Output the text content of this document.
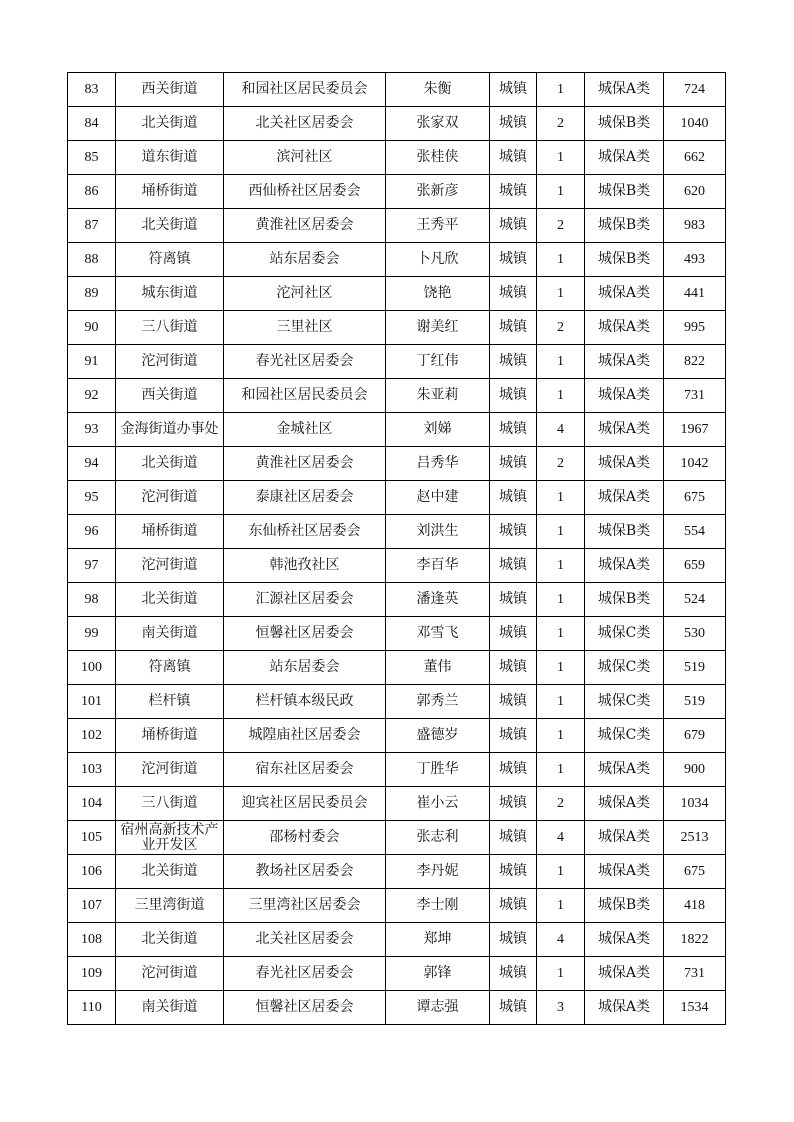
83	西关街道	和园社区居民委员会	朱衡	城镇	1	城保A类	724
84	北关街道	北关社区居委会	张家双	城镇	2	城保B类	1040
85	道东街道	滨河社区	张桂侠	城镇	1	城保A类	662
86	埇桥街道	西仙桥社区居委会	张新彦	城镇	1	城保B类	620
87	北关街道	黄淮社区居委会	王秀平	城镇	2	城保B类	983
88	符离镇	站东居委会	卜凡欣	城镇	1	城保B类	493
89	城东街道	沱河社区	饶艳	城镇	1	城保A类	441
90	三八街道	三里社区	谢美红	城镇	2	城保A类	995
91	沱河街道	春光社区居委会	丁红伟	城镇	1	城保A类	822
92	西关街道	和园社区居民委员会	朱亚莉	城镇	1	城保A类	731
93	金海街道办事处	金城社区	刘娣	城镇	4	城保A类	1967
94	北关街道	黄淮社区居委会	吕秀华	城镇	2	城保A类	1042
95	沱河街道	泰康社区居委会	赵中建	城镇	1	城保A类	675
96	埇桥街道	东仙桥社区居委会	刘洪生	城镇	1	城保B类	554
97	沱河街道	韩池孜社区	李百华	城镇	1	城保A类	659
98	北关街道	汇源社区居委会	潘逢英	城镇	1	城保B类	524
99	南关街道	恒馨社区居委会	邓雪飞	城镇	1	城保C类	530
100	符离镇	站东居委会	董伟	城镇	1	城保C类	519
101	栏杆镇	栏杆镇本级民政	郭秀兰	城镇	1	城保C类	519
102	埇桥街道	城隍庙社区居委会	盛德岁	城镇	1	城保C类	679
103	沱河街道	宿东社区居委会	丁胜华	城镇	1	城保A类	900
104	三八街道	迎宾社区居民委员会	崔小云	城镇	2	城保A类	1034
105	宿州高新技术产业开发区	邵杨村委会	张志利	城镇	4	城保A类	2513
106	北关街道	教场社区居委会	李丹妮	城镇	1	城保A类	675
107	三里湾街道	三里湾社区居委会	李士刚	城镇	1	城保B类	418
108	北关街道	北关社区居委会	郑坤	城镇	4	城保A类	1822
109	沱河街道	春光社区居委会	郭锋	城镇	1	城保A类	731
110	南关街道	恒馨社区居委会	谭志强	城镇	3	城保A类	1534
